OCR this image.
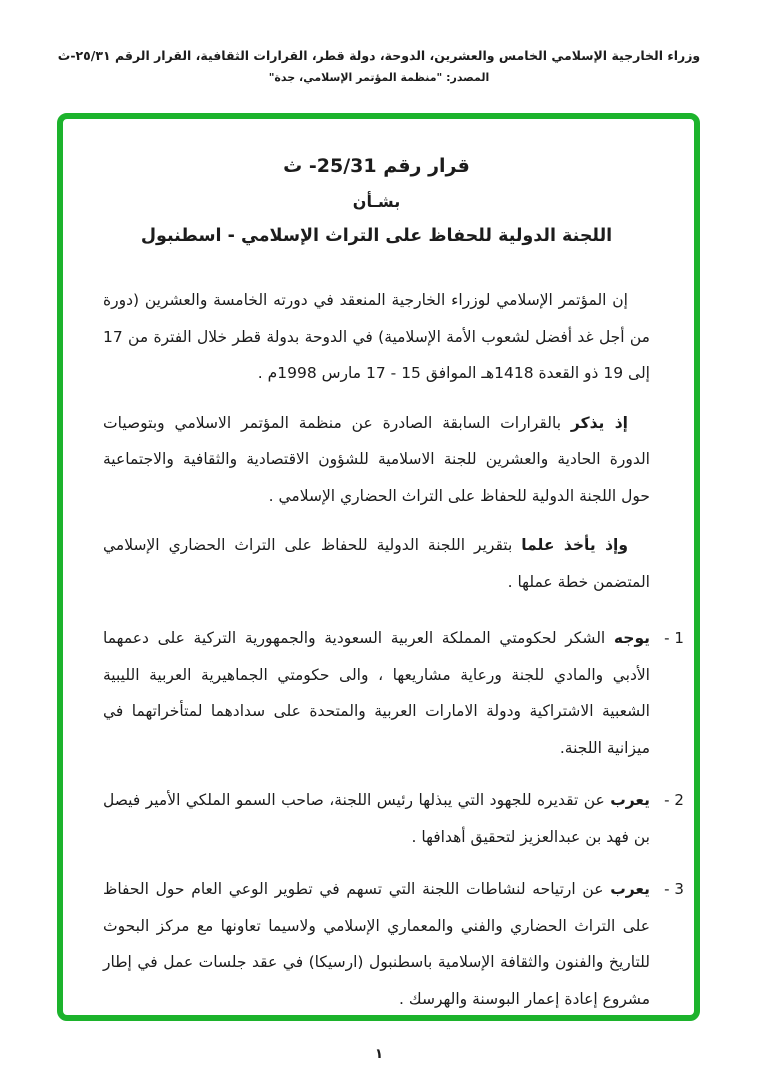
وزراء الخارجية الإسلامي الخامس والعشرين، الدوحة، دولة قطر، القرارات الثقافية، القرار الرقم ٢٥/٣١-ث
المصدر: "منظمة المؤتمر الإسلامي، جدة"
قرار رقم 25/31- ث
بشـأن
اللجنة الدولية للحفاظ على التراث الإسلامي - اسطنبول

إن المؤتمر الإسلامي لوزراء الخارجية المنعقد في دورته الخامسة والعشرين (دورة من أجل غد أفضل لشعوب الأمة الإسلامية) في الدوحة بدولة قطر خلال الفترة من 17 إلى 19 ذو القعدة 1418هـ الموافق 15 - 17 مارس 1998م .

إذ يذكر بالقرارات السابقة الصادرة عن منظمة المؤتمر الاسلامي وبتوصيات الدورة الحادية والعشرين للجنة الاسلامية للشؤون الاقتصادية والثقافية والاجتماعية حول اللجنة الدولية للحفاظ على التراث الحضاري الإسلامي .

وإذ يأخذ علما بتقرير اللجنة الدولية للحفاظ على التراث الحضاري الإسلامي المتضمن خطة عملها .

1 -
يوجه الشكر لحكومتي المملكة العربية السعودية والجمهورية التركية على دعمهما الأدبي والمادي للجنة ورعاية مشاريعها ، والى حكومتي الجماهيرية العربية الليبية الشعبية الاشتراكية ودولة الامارات العربية والمتحدة على سدادهما لمتأخراتهما في ميزانية اللجنة.
2 -
يعرب عن تقديره للجهود التي يبذلها رئيس اللجنة، صاحب السمو الملكي الأمير فيصل بن فهد بن عبدالعزيز لتحقيق أهدافها .
3 -
يعرب عن ارتياحه لنشاطات اللجنة التي تسهم في تطوير الوعي العام حول الحفاظ على التراث الحضاري والفني والمعماري الإسلامي ولاسيما تعاونها مع مركز البحوث للتاريخ والفنون والثقافة الإسلامية باسطنبول (ارسيكا) في عقد جلسات عمل في إطار مشروع إعادة إعمار البوسنة والهرسك .
١
